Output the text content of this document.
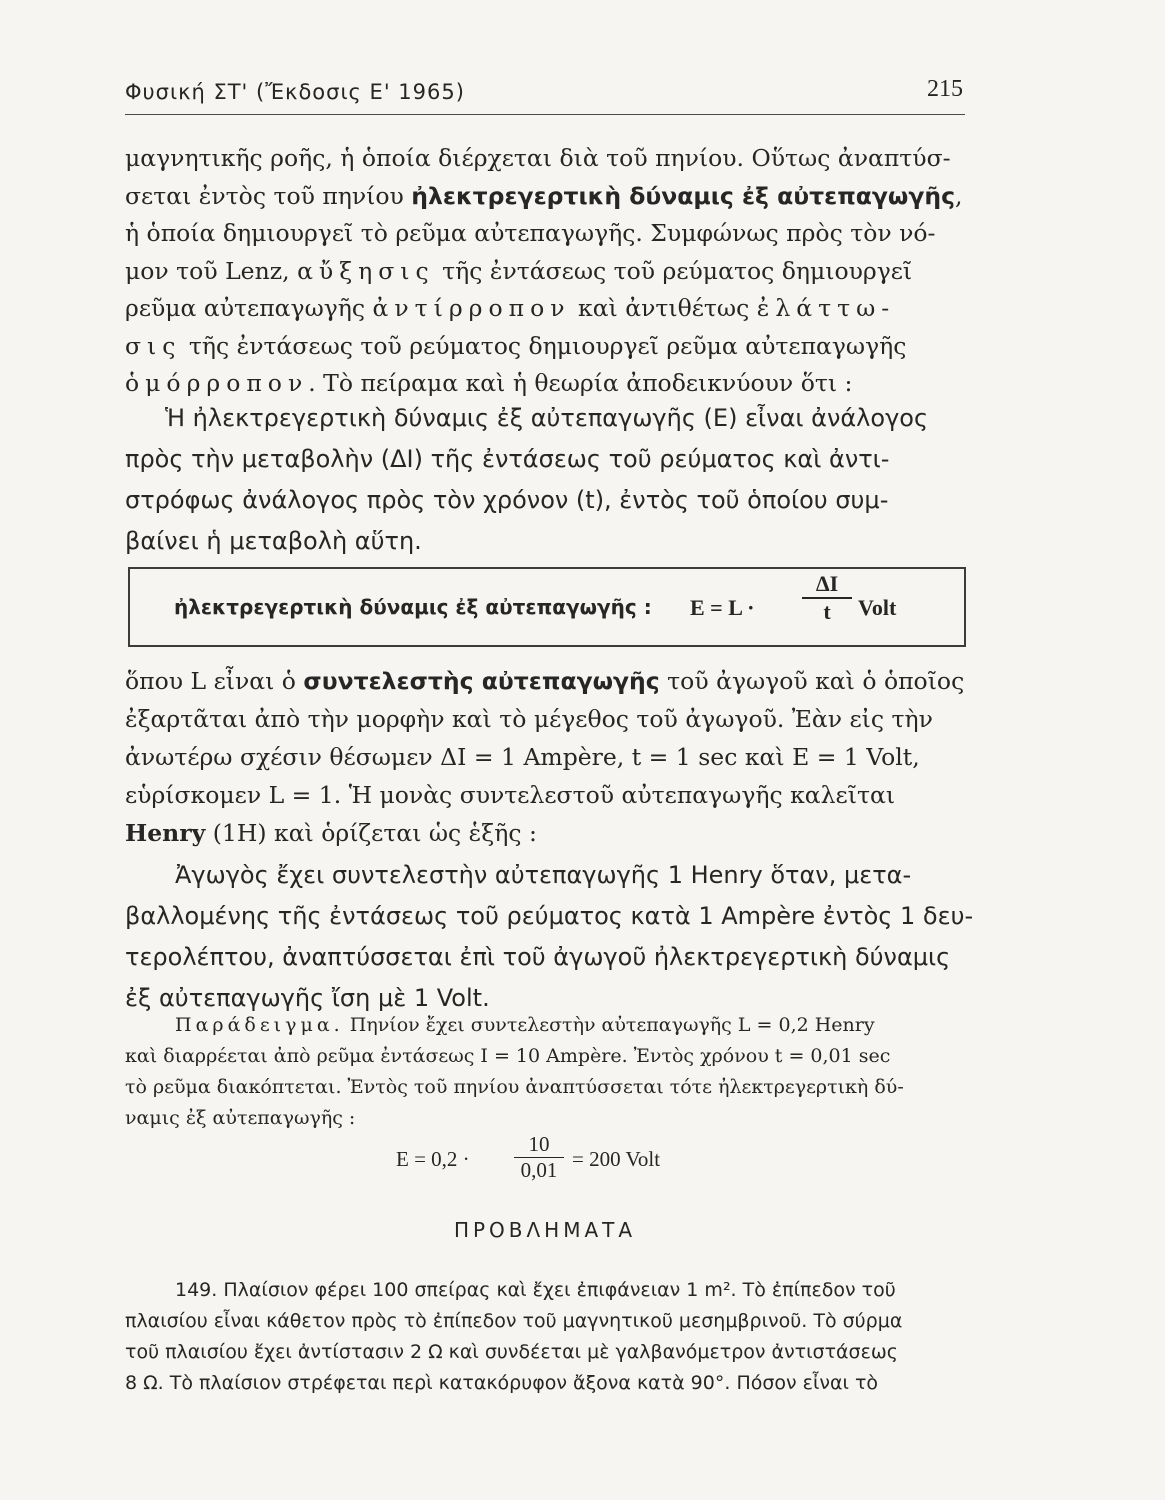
Φυσική ΣΤ' (Ἔκδοσις Ε' 1965)	215
μαγνητικῆς ροῆς, ἡ ὁποία διέρχεται διὰ τοῦ πηνίου. Οὕτως ἀναπτύσ-
σεται ἐντὸς τοῦ πηνίου ἠλεκτρεγερτικὴ δύναμις ἐξ αὐτεπαγωγῆς,
ἡ ὁποία δημιουργεῖ τὸ ρεῦμα αὐτεπαγωγῆς. Συμφώνως πρὸς τὸν νό-
μον τοῦ Lenz, αὔξησις τῆς ἐντάσεως τοῦ ρεύματος δημιουργεῖ
ρεῦμα αὐτεπαγωγῆς ἀντίρροπον καὶ ἀντιθέτως ἐλάττω-
σις τῆς ἐντάσεως τοῦ ρεύματος δημιουργεῖ ρεῦμα αὐτεπαγωγῆς
ὁμόρροπον. Τὸ πείραμα καὶ ἡ θεωρία ἀποδεικνύουν ὅτι :
Ἡ ἠλεκτρεγερτικὴ δύναμις ἐξ αὐτεπαγωγῆς (Ε) εἶναι ἀνάλογος
πρὸς τὴν μεταβολὴν (ΔΙ) τῆς ἐντάσεως τοῦ ρεύματος καὶ ἀντι-
στρόφως ἀνάλογος πρὸς τὸν χρόνον (t), ἐντὸς τοῦ ὁποίου συμ-
βαίνει ἡ μεταβολὴ αὕτη.
ἠλεκτρεγερτικὴ δύναμις ἐξ αὐτεπαγωγῆς : $E = L \cdot \frac{\Delta I}{t}$ Volt
ὅπου L εἶναι ὁ συντελεστὴς αὐτεπαγωγῆς τοῦ ἀγωγοῦ καὶ ὁ ὁποῖος
ἐξαρτᾶται ἀπὸ τὴν μορφὴν καὶ τὸ μέγεθος τοῦ ἀγωγοῦ. Ἐὰν εἰς τὴν
ἀνωτέρω σχέσιν θέσωμεν ΔΙ = 1 Ampère, t = 1 sec καὶ E = 1 Volt,
εὑρίσκομεν L = 1. Ἡ μονὰς συντελεστοῦ αὐτεπαγωγῆς καλεῖται
Henry (1H) καὶ ὁρίζεται ὡς ἑξῆς :
Ἀγωγὸς ἔχει συντελεστὴν αὐτεπαγωγῆς 1 Henry ὅταν, μετα-
βαλλομένης τῆς ἐντάσεως τοῦ ρεύματος κατὰ 1 Ampère ἐντὸς 1 δευ-
τερολέπτου, ἀναπτύσσεται ἐπὶ τοῦ ἀγωγοῦ ἠλεκτρεγερτικὴ δύναμις
ἐξ αὐτεπαγωγῆς ἴση μὲ 1 Volt.
Παράδειγμα. Πηνίον ἔχει συντελεστὴν αὐτεπαγωγῆς L = 0,2 Henry
καὶ διαρρέεται ἀπὸ ρεῦμα ἐντάσεως I = 10 Ampère. Ἐντὸς χρόνου t = 0,01 sec
τὸ ρεῦμα διακόπτεται. Ἐντὸς τοῦ πηνίου ἀναπτύσσεται τότε ἠλεκτρεγερτικὴ δύ-
ναμις ἐξ αὐτεπαγωγῆς :
$E = 0,2 \cdot \frac{10}{0,01} = 200$ Volt
ΠΡΟΒΛΗΜΑΤΑ
149. Πλαίσιον φέρει 100 σπείρας καὶ ἔχει ἐπιφάνειαν 1 m². Τὸ ἐπίπεδον τοῦ
πλαισίου εἶναι κάθετον πρὸς τὸ ἐπίπεδον τοῦ μαγνητικοῦ μεσημβρινοῦ. Τὸ σύρμα
τοῦ πλαισίου ἔχει ἀντίστασιν 2 Ω καὶ συνδέεται μὲ γαλβανόμετρον ἀντιστάσεως
8 Ω. Τὸ πλαίσιον στρέφεται περὶ κατακόρυφον ἄξονα κατὰ 90°. Πόσον εἶναι τὸ
